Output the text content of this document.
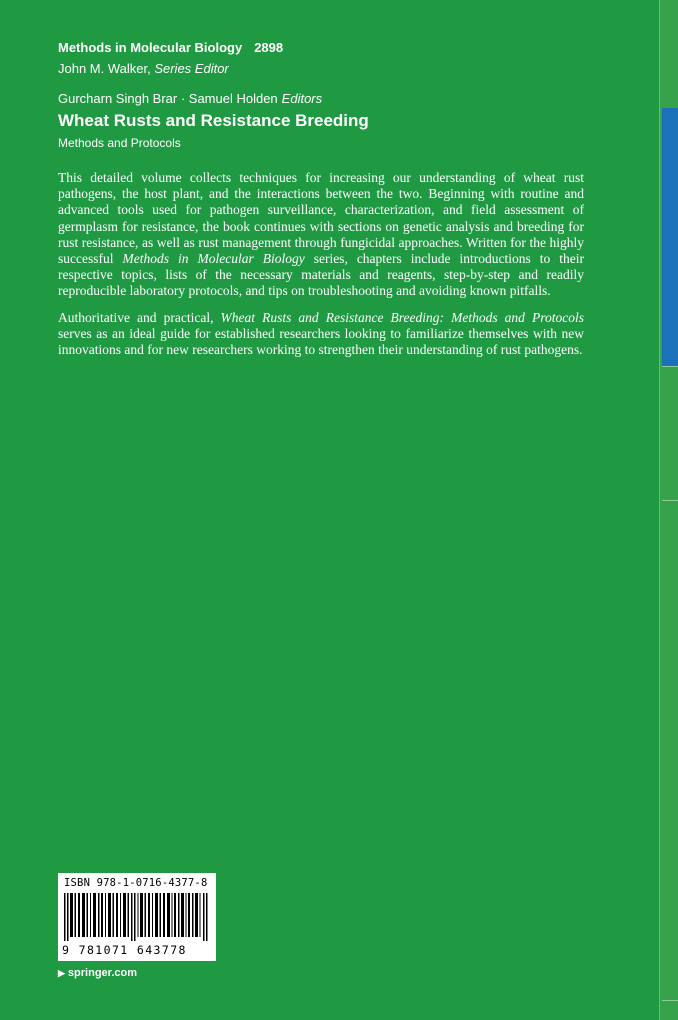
Methods in Molecular Biology 2898
John M. Walker, Series Editor
Gurcharn Singh Brar · Samuel Holden Editors
Wheat Rusts and Resistance Breeding
Methods and Protocols

This detailed volume collects techniques for increasing our understanding of wheat rust pathogens, the host plant, and the interactions between the two. Beginning with routine and advanced tools used for pathogen surveillance, characterization, and field assessment of germplasm for resistance, the book continues with sections on genetic analysis and breeding for rust resistance, as well as rust management through fungicidal approaches. Written for the highly successful Methods in Molecular Biology series, chapters include introductions to their respective topics, lists of the necessary materials and reagents, step-by-step and readily reproducible laboratory protocols, and tips on troubleshooting and avoiding known pitfalls.

Authoritative and practical, Wheat Rusts and Resistance Breeding: Methods and Protocols serves as an ideal guide for established researchers looking to familiarize themselves with new innovations and for new researchers working to strengthen their understanding of rust pathogens.

ISBN 978-1-0716-4377-8
9 781071 643778
▶ springer.com
